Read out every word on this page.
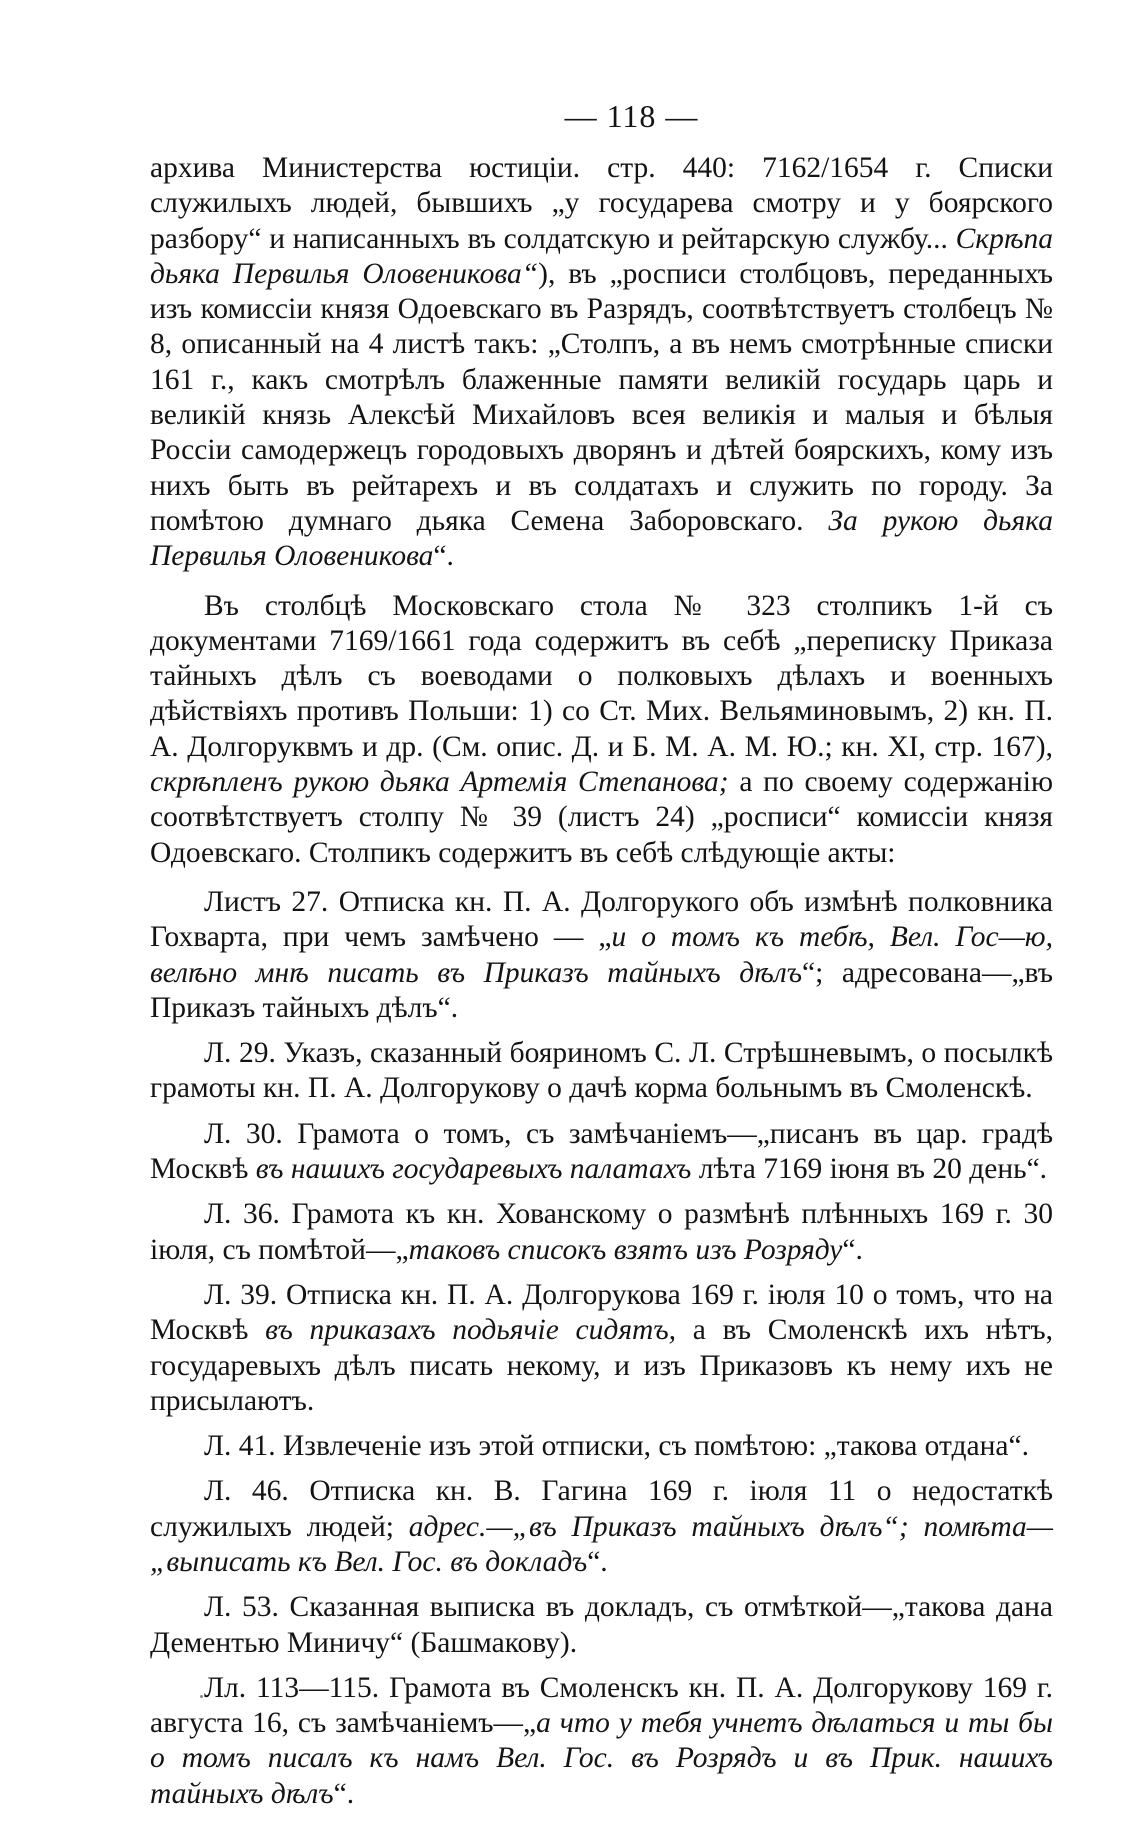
— 118 —

архива Министерства юстиціи. стр. 440: 7162/1654 г. Списки служилыхъ людей, бывшихъ „у государева смотру и у боярского разбору“ и написанныхъ въ солдатскую и рейтарскую службу... Скрѣпа дьяка Первилья Оловеникова“), въ „росписи столбцовъ, переданныхъ изъ комиссіи князя Одоевскаго въ Разрядъ, соотвѣтствуетъ столбецъ № 8, описанный на 4 листѣ такъ: „Столпъ, а въ немъ смотрѣнные списки 161 г., какъ смотрѣлъ блаженные памяти великій государь царь и великій князь Алексѣй Михайловъ всея великія и малыя и бѣлыя Россіи самодержецъ городовыхъ дворянъ и дѣтей боярскихъ, кому изъ нихъ быть въ рейтарехъ и въ солдатахъ и служить по городу. За помѣтою думнаго дьяка Семена Заборовскаго. За рукою дьяка Первилья Оловеникова“.

Въ столбцѣ Московскаго стола № 323 столпикъ 1-й съ документами 7169/1661 года содержитъ въ себѣ „переписку Приказа тайныхъ дѣлъ съ воеводами о полковыхъ дѣлахъ и военныхъ дѣйствіяхъ противъ Польши: 1) со Ст. Мих. Вельяминовымъ, 2) кн. П. А. Долгоруквмъ и др. (См. опис. Д. и Б. М. А. М. Ю.; кн. XI, стр. 167), скрѣпленъ рукою дьяка Артемія Степанова; а по своему содержанію соотвѣтствуетъ столпу № 39 (листъ 24) „росписи“ комиссіи князя Одоевскаго. Столпикъ содержитъ въ себѣ слѣдующіе акты:

Листъ 27. Отписка кн. П. А. Долгорукого объ измѣнѣ полковника Гохварта, при чемъ замѣчено — „и о томъ къ тебѣ, Вел. Гос—ю, велѣно мнѣ писать въ Приказъ тайныхъ дѣлъ“; адресована—„въ Приказъ тайныхъ дѣлъ“.

Л. 29. Указъ, сказанный бояриномъ С. Л. Стрѣшневымъ, о посылкѣ грамоты кн. П. А. Долгорукову о дачѣ корма больнымъ въ Смоленскѣ.

Л. 30. Грамота о томъ, съ замѣчаніемъ—„писанъ въ цар. градѣ Москвѣ въ нашихъ государевыхъ палатахъ лѣта 7169 іюня въ 20 день“.

Л. 36. Грамота къ кн. Хованскому о размѣнѣ плѣнныхъ 169 г. 30 іюля, съ помѣтой—„таковъ списокъ взятъ изъ Розряду“.

Л. 39. Отписка кн. П. А. Долгорукова 169 г. іюля 10 о томъ, что на Москвѣ въ приказахъ подьячіе сидятъ, а въ Смоленскѣ ихъ нѣтъ, государевыхъ дѣлъ писать некому, и изъ Приказовъ къ нему ихъ не присылаютъ.

Л. 41. Извлеченіе изъ этой отписки, съ помѣтою: „такова отдана“.

Л. 46. Отписка кн. В. Гагина 169 г. іюля 11 о недостаткѣ служилыхъ людей; адрес.—„въ Приказъ тайныхъ дѣлъ“; помѣта—„выписать къ Вел. Гос. въ докладъ“.

Л. 53. Сказанная выписка въ докладъ, съ отмѣткой—„такова дана Дементью Миничу“ (Башмакову).

Лл. 113—115. Грамота въ Смоленскъ кн. П. А. Долгорукову 169 г. августа 16, съ замѣчаніемъ—„а что у тебя учнетъ дѣлаться и ты бы о томъ писалъ къ намъ Вел. Гос. въ Розрядъ и въ Прик. нашихъ тайныхъ дѣлъ“.
